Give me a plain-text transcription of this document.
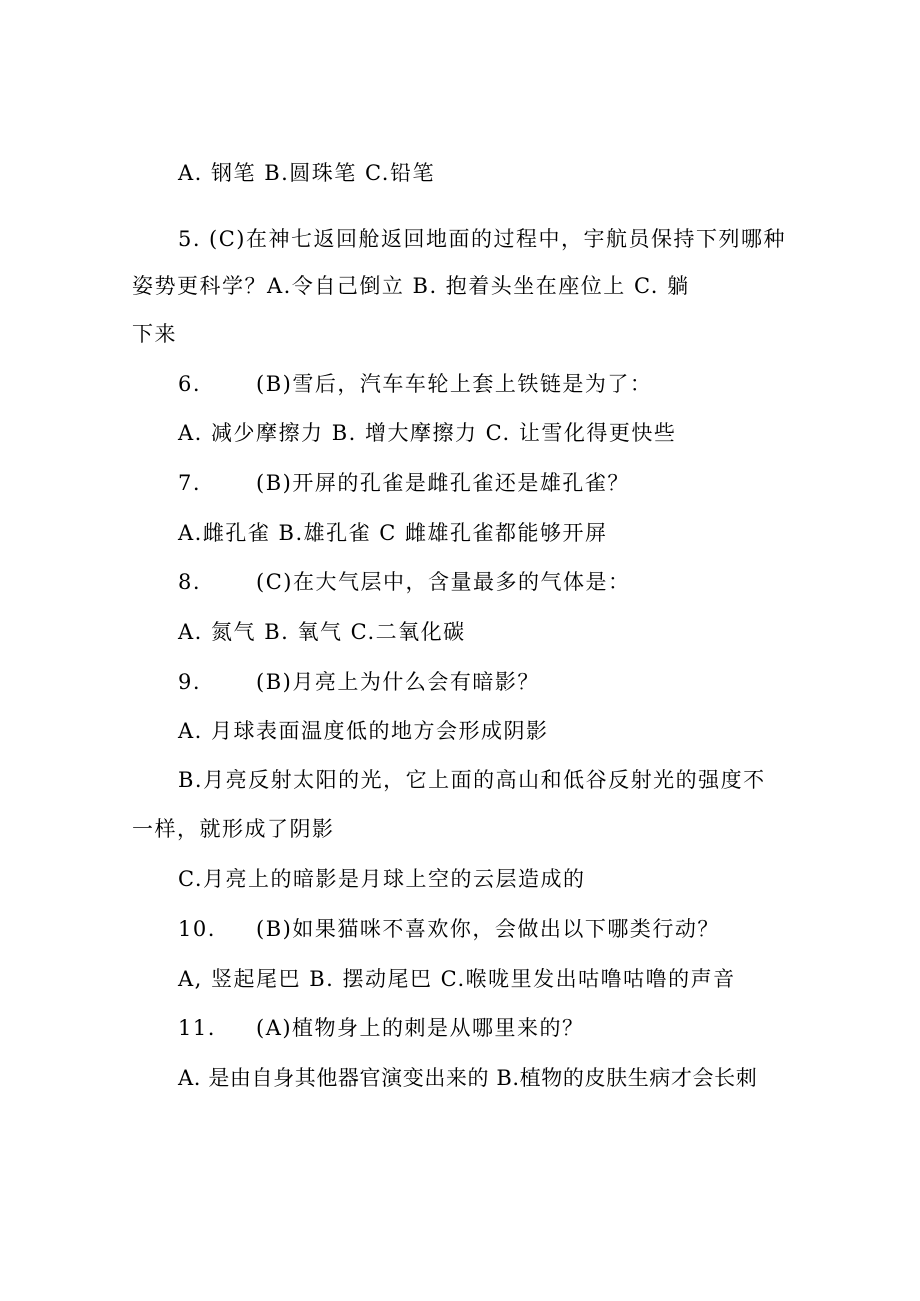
A. 钢笔 B.圆珠笔 C.铅笔
5. (C)在神七返回舱返回地面的过程中，宇航员保持下列哪种
姿势更科学？A.令自己倒立 B. 抱着头坐在座位上 C. 躺
下来
6.	(B)雪后，汽车车轮上套上铁链是为了：
A. 减少摩擦力 B. 增大摩擦力 C. 让雪化得更快些
7.	(B)开屏的孔雀是雌孔雀还是雄孔雀？
A.雌孔雀 B.雄孔雀 C 雌雄孔雀都能够开屏
8.	(C)在大气层中，含量最多的气体是：
A. 氮气 B. 氧气 C.二氧化碳
9.	(B)月亮上为什么会有暗影？
A. 月球表面温度低的地方会形成阴影
B.月亮反射太阳的光，它上面的高山和低谷反射光的强度不
一样，就形成了阴影
C.月亮上的暗影是月球上空的云层造成的
10. (B)如果猫咪不喜欢你，会做出以下哪类行动？
A, 竖起尾巴 B. 摆动尾巴 C.喉咙里发出咕噜咕噜的声音
11. (A)植物身上的刺是从哪里来的？
A. 是由自身其他器官演变出来的 B.植物的皮肤生病才会长刺
